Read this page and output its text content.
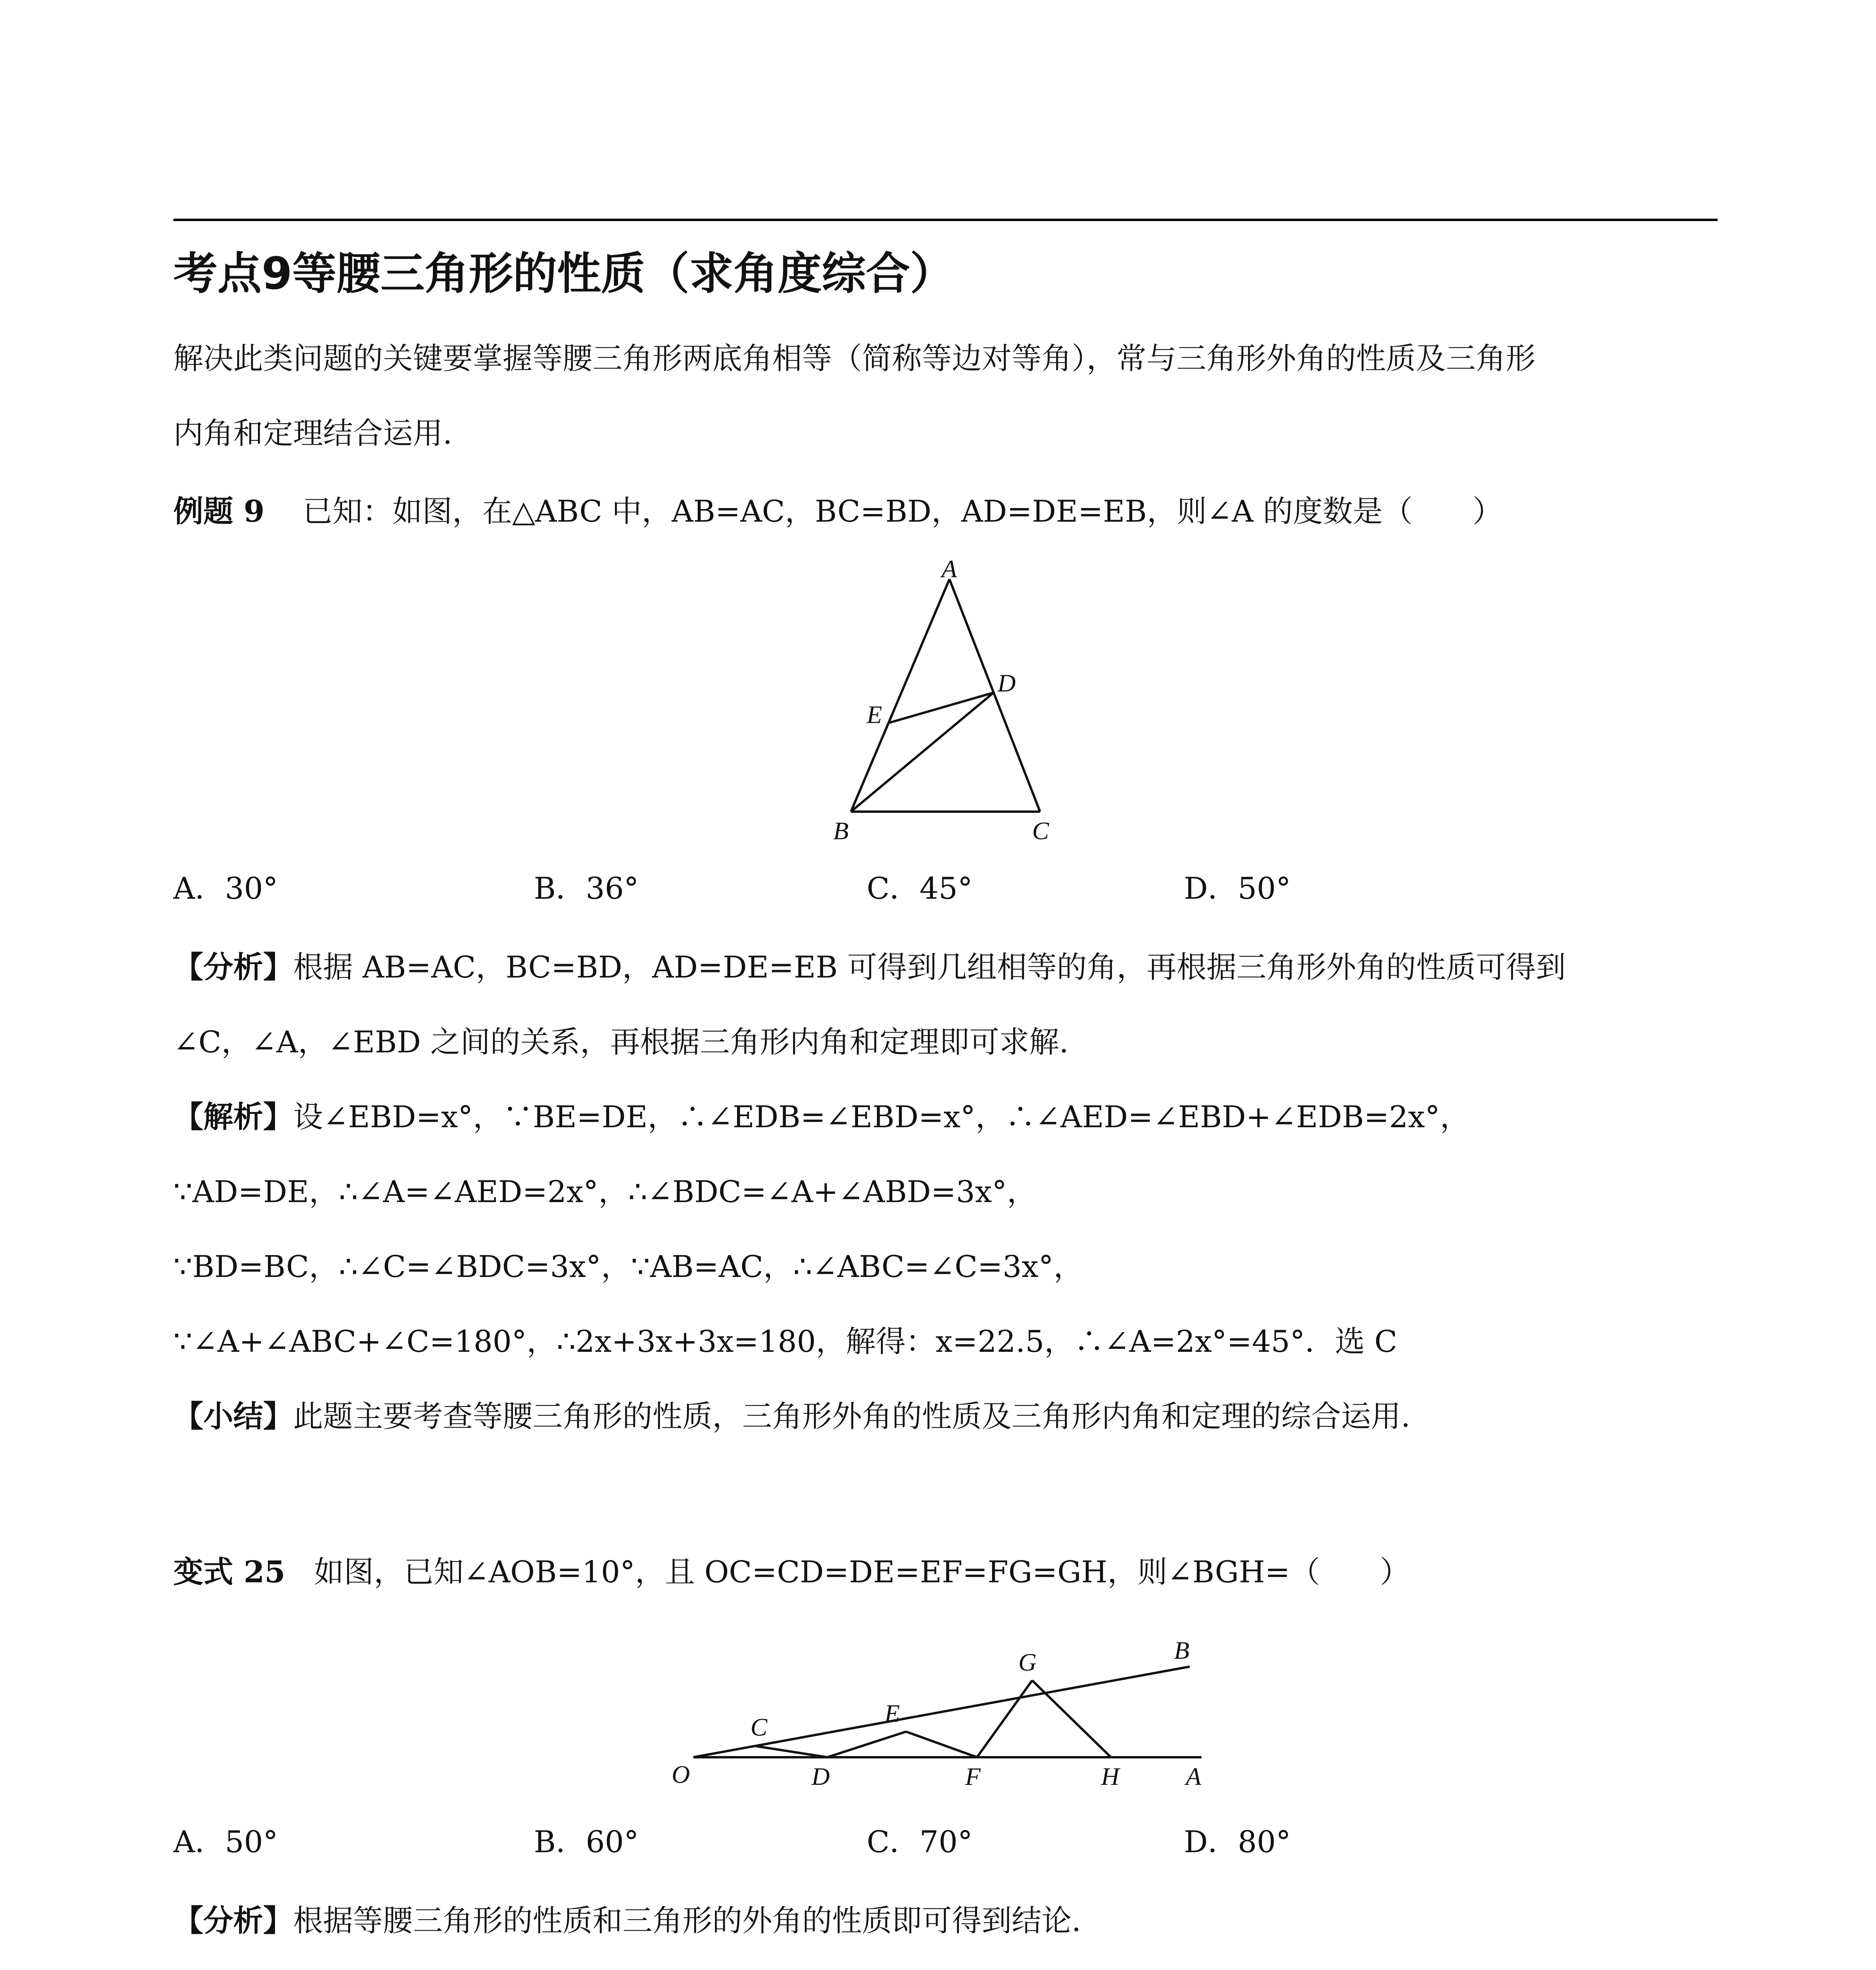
考点9等腰三角形的性质（求角度综合）
解决此类问题的关键要掌握等腰三角形两底角相等（简称等边对等角），常与三角形外角的性质及三角形
内角和定理结合运用.
例题 9 已知：如图，在△ABC 中，AB=AC，BC=BD，AD=DE=EB，则∠A 的度数是（　　）
A
B	C
D
E
A．30°	B．36°	C．45°	D．50°
【分析】根据 AB=AC，BC=BD，AD=DE=EB 可得到几组相等的角，再根据三角形外角的性质可得到
∠C，∠A，∠EBD 之间的关系，再根据三角形内角和定理即可求解.
【解析】设∠EBD=x°，∵BE=DE，∴∠EDB=∠EBD=x°，∴∠AED=∠EBD+∠EDB=2x°，
∵AD=DE，∴∠A=∠AED=2x°，∴∠BDC=∠A+∠ABD=3x°，
∵BD=BC，∴∠C=∠BDC=3x°，∵AB=AC，∴∠ABC=∠C=3x°，
∵∠A+∠ABC+∠C=180°，∴2x+3x+3x=180，解得：x=22.5，∴∠A=2x°=45°．选 C
【小结】此题主要考查等腰三角形的性质，三角形外角的性质及三角形内角和定理的综合运用.
变式 25 如图，已知∠AOB=10°，且 OC=CD=DE=EF=FG=GH，则∠BGH=（　　）
O
C
D
E
F
G
H	A
B
A．50°	B．60°	C．70°	D．80°
【分析】根据等腰三角形的性质和三角形的外角的性质即可得到结论.
